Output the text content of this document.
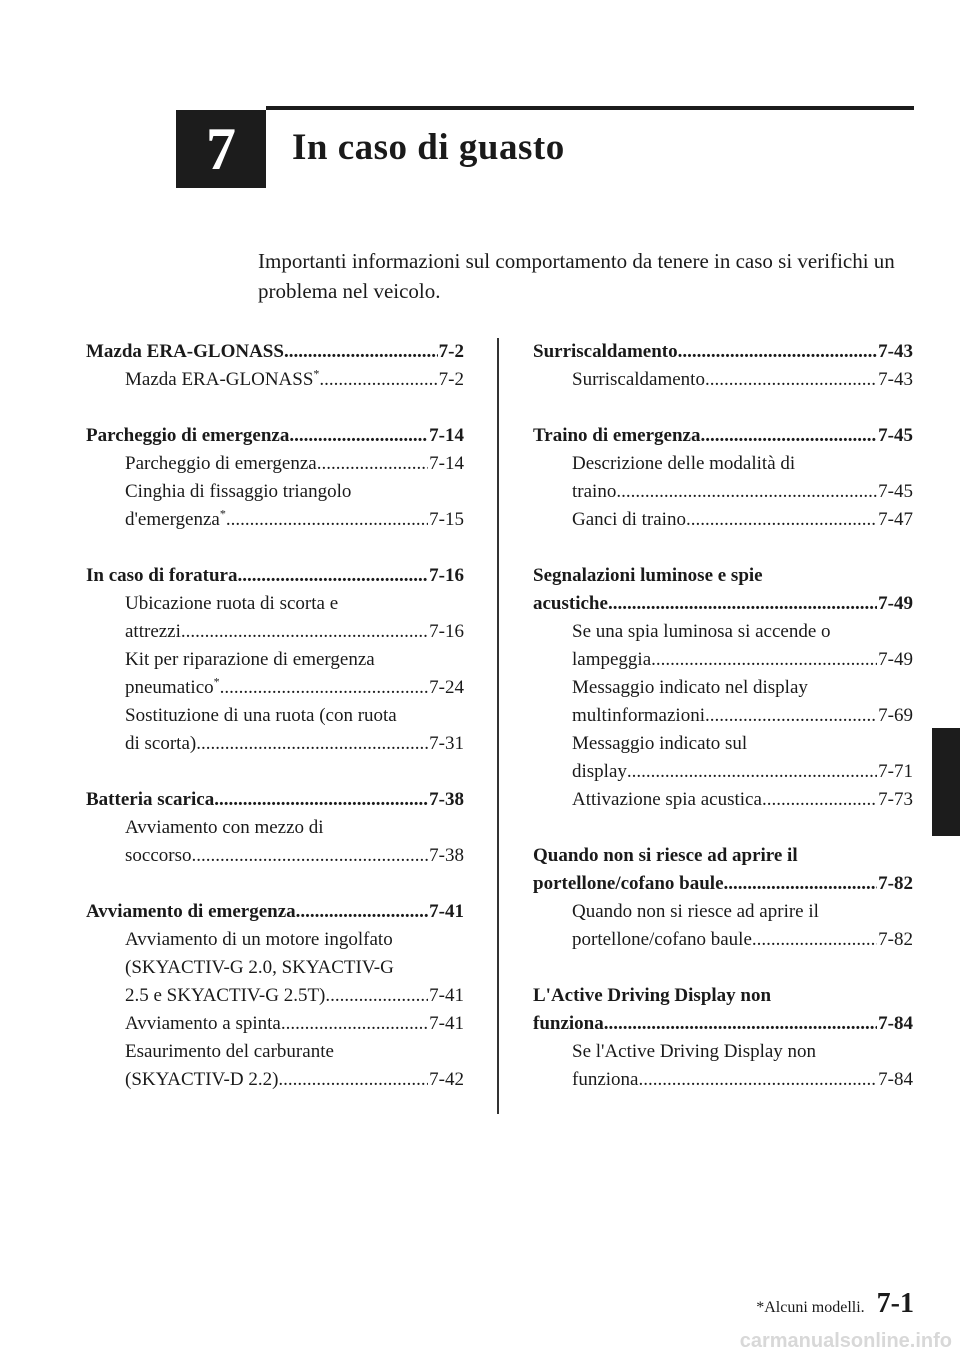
7 In caso di guasto
Importanti informazioni sul comportamento da tenere in caso si verifichi un problema nel veicolo.
Mazda ERA-GLONASS .....	7-2
Mazda ERA-GLONASS* .....	7-2
Parcheggio di emergenza .....	7-14
Parcheggio di emergenza .....	7-14
Cinghia di fissaggio triangolo
d'emergenza* .....	7-15
In caso di foratura .....	7-16
Ubicazione ruota di scorta e
attrezzi .....	7-16
Kit per riparazione di emergenza
pneumatico* .....	7-24
Sostituzione di una ruota (con ruota
di scorta) .....	7-31
Batteria scarica .....	7-38
Avviamento con mezzo di
soccorso .....	7-38
Avviamento di emergenza .....	7-41
Avviamento di un motore ingolfato
(SKYACTIV-G 2.0, SKYACTIV-G
2.5 e SKYACTIV-G 2.5T) .....	7-41
Avviamento a spinta .....	7-41
Esaurimento del carburante
(SKYACTIV-D 2.2) .....	7-42
Surriscaldamento .....	7-43
Surriscaldamento .....	7-43
Traino di emergenza .....	7-45
Descrizione delle modalità di
traino .....	7-45
Ganci di traino .....	7-47
Segnalazioni luminose e spie
acustiche .....	7-49
Se una spia luminosa si accende o
lampeggia .....	7-49
Messaggio indicato nel display
multinformazioni .....	7-69
Messaggio indicato sul
display .....	7-71
Attivazione spia acustica .....	7-73
Quando non si riesce ad aprire il
portellone/cofano baule .....	7-82
Quando non si riesce ad aprire il
portellone/cofano baule .....	7-82
L'Active Driving Display non
funziona .....	7-84
Se l'Active Driving Display non
funziona .....	7-84
*Alcuni modelli. 7-1
carmanualsonline.info
